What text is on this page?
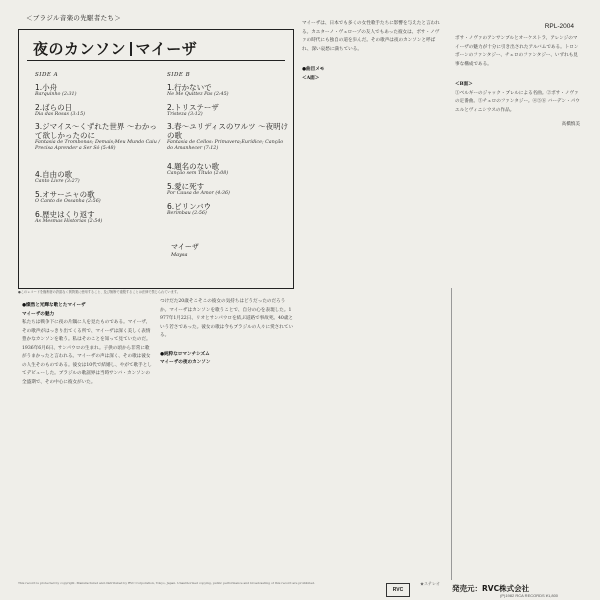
＜ブラジル音楽の先駆者たち＞
RPL-2004
夜のカンソン マイーザ
SIDE A	SIDE B
1.小舟
Barquinho (2:31)
2.ばらの日
Dia das Rosas (3:15)
3.ジマイス〜くずれた世界 〜わかって欲しかったのに
Fantasia de Trombonas; Demais;Meu Mundo Caiu / Precisa Aprender a Ser Só (5:48)
4.自由の歌
Canto Livre (3:27)
5.オサーニャの歌
O Canto de Ossanha (2:56)
6.歴史はくり返す
As Mesmas Historias (2:54)
1.行かないで
Ne Me Quittez Pas (2:45)
2.トリステーザ
Tristeza (3:12)
3.春〜ユリディスのワルツ 〜夜明けの歌
Fantasia de Cellos: Primavera;Eurídice; Canção do Amanhecer (7:12)
4.題名のない歌
Canção sem Título (2:08)
5.愛に死す
Por Causa de Amor (4:36)
6.ビリンバウ
Berimbau (2:56)
マイーザ
Maysa
●このレコードを権利者の許諾なく賃貸業に使用すること、及び無断で複製することは法律で禁じられています。
●燦然と光輝な歌とたマイーザ
マイーザの魅力
私たちは戦争下に夜の片隅に人を見たものである。マイーザ、その歌声がはっきり出てくる所で、マイーザは深く美しく表情豊かなカンソンを歌う。私はそのことを知って見ていたのだ。1936年6月6日、サンパウロの生まれ。子供の頃から非常に歌がうまかったと言われる。マイーザの声は深く、その歌は彼女の人生そのものである。彼女は10代で結婚し、やがて歌手としてデビューした。ブラジルの歌謡界は当時サンバ・カンソンの全盛期で、その中心に彼女がいた。
つけだた20歳そこそこの彼女の気持ちはどうだったのだろうか。マイーザはカンソンを歌うことで、自分の心を表現した。1977年1月22日、リオとサンパウロを結ぶ道路で事故死。40歳という若さであった。彼女の歌は今もブラジルの人々に愛されている。
●純粋なロマンチシズム
マイーザの夜のカンソン
マイーザは、日本でも多くの女性歌手たちに影響を与えたと言われる。カエターノ・ヴェローゾの友人でもあった彼女は、ボサ・ノヴァの時代にも独自の道を歩んだ。その歌声は夜のカンソンと呼ばれ、深い哀愁に満ちている。
●曲目メモ
＜A面＞
ボサ・ノヴァのアンサンブルとオーケストラ、アレンジのマイーザの魅力が十分に引き出されたアルバムである。トロンボーンのファンタジー、チェロのファンタジー、いずれも見事な構成である。
＜B面＞
①ベルギーのジャック・ブレルによる名曲。②ボサ・ノヴァの定番曲。③チェロのファンタジー。④⑤⑥ バーデン・パウエルとヴィニシウスの作品。
高橋慎美
This record is protected by copyright. Manufactured and distributed by RVC Corporation, Tokyo, Japan. Unauthorized copying, public performance and broadcasting of this record are prohibited.
RVC
★ステレオ
発売元：RVC株式会社
(P)1982 RCA RECORDS ¥1,800
